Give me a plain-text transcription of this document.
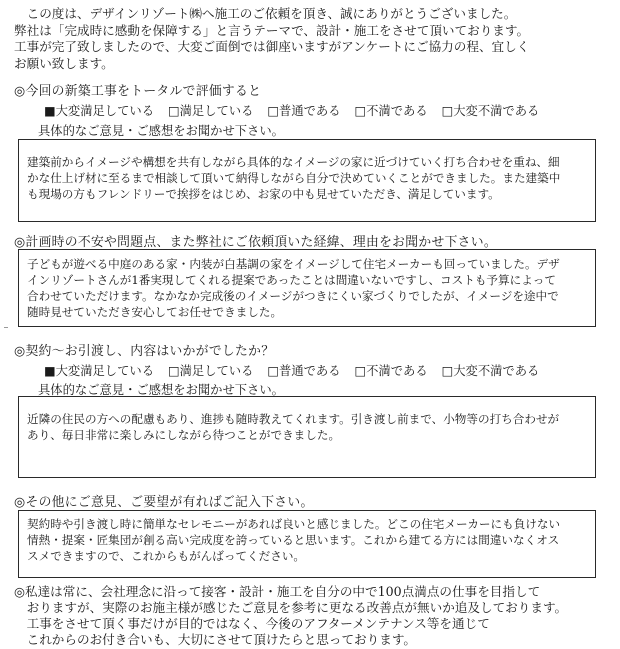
　この度は、デザインリゾート㈱へ施工のご依頼を頂き、誠にありがとうございました。
弊社は「完成時に感動を保障する」と言うテーマで、設計・施工をさせて頂いております。
工事が完了致しましたので、大変ご面倒では御座いますがアンケートにご協力の程、宜しく
お願い致します。
◎今回の新築工事をトータルで評価すると
■大変満足している □満足している □普通である □不満である □大変不満である
具体的なご意見・ご感想をお聞かせ下さい。
建築前からイメージや構想を共有しながら具体的なイメージの家に近づけていく打ち合わせを重ね、細
かな仕上げ材に至るまで相談して頂いて納得しながら自分で決めていくことができました。また建築中
も現場の方もフレンドリーで挨拶をはじめ、お家の中も見せていただき、満足しています。
◎計画時の不安や問題点、また弊社にご依頼頂いた経緯、理由をお聞かせ下さい。
子どもが遊べる中庭のある家・内装が白基調の家をイメージして住宅メーカーも回っていました。デザ
インリゾートさんが1番実現してくれる提案であったことは間違いないですし、コストも予算によって
合わせていただけます。なかなか完成後のイメージがつきにくい家づくりでしたが、イメージを途中で
随時見せていただき安心してお任せできました。
◎契約～お引渡し、内容はいかがでしたか？
■大変満足している □満足している □普通である □不満である □大変不満である
具体的なご意見・ご感想をお聞かせ下さい。
近隣の住民の方への配慮もあり、進捗も随時教えてくれます。引き渡し前まで、小物等の打ち合わせが
あり、毎日非常に楽しみにしながら待つことができました。
◎その他にご意見、ご要望が有ればご記入下さい。
契約時や引き渡し時に簡単なセレモニーがあれば良いと感じました。どこの住宅メーカーにも負けない
情熱・提案・匠集団が創る高い完成度を誇っていると思います。これから建てる方には間違いなくオス
スメできますので、これからもがんばってください。
◎私達は常に、会社理念に沿って接客・設計・施工を自分の中で100点満点の仕事を目指して
　おりますが、実際のお施主様が感じたご意見を参考に更なる改善点が無いか追及しております。
　工事をさせて頂く事だけが目的ではなく、今後のアフターメンテナンス等を通じて
　これからのお付き合いも、大切にさせて頂けたらと思っております。
